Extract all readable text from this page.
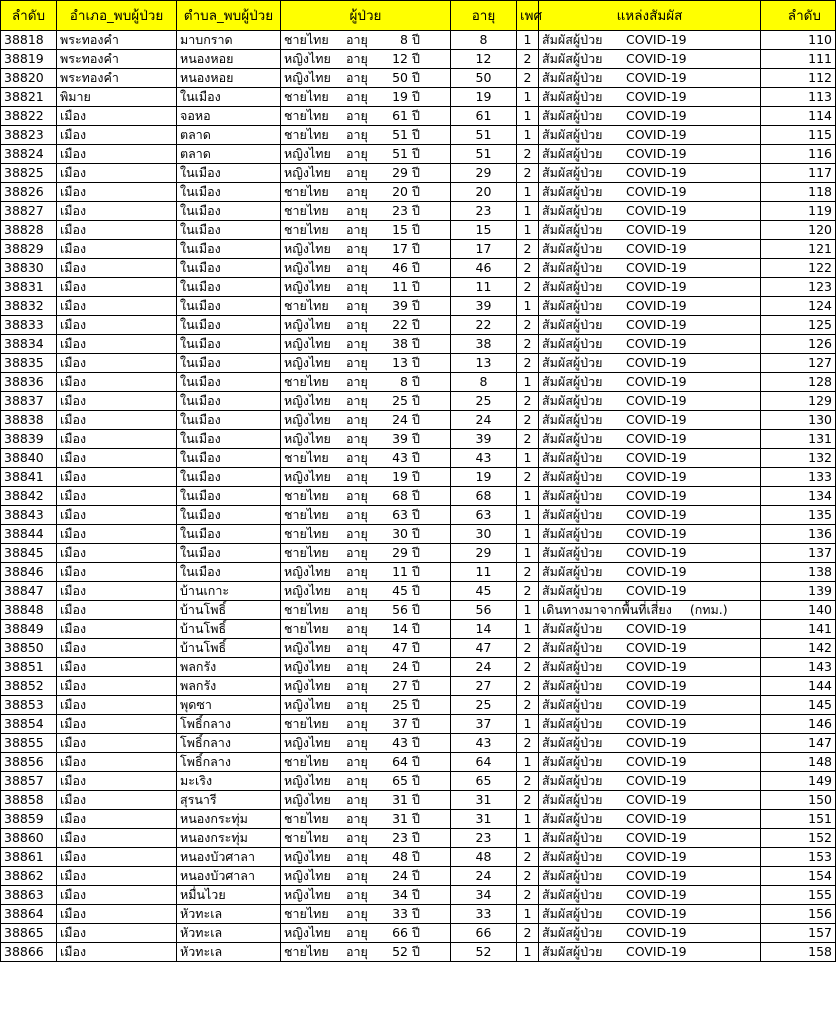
ลำดับ	อำเภอ_พบผู้ป่วย	ตำบล_พบผู้ป่วย	ผู้ป่วย	อายุ	เพศ	แหล่งสัมผัส	ลำดับ
38818	พระทองคำ	มาบกราด	ชายไทย อายุ 8 ปี	8	1	สัมผัสผู้ป่วย COVID-19	110
38819	พระทองคำ	หนองหอย	หญิงไทย อายุ 12 ปี	12	2	สัมผัสผู้ป่วย COVID-19	111
38820	พระทองคำ	หนองหอย	หญิงไทย อายุ 50 ปี	50	2	สัมผัสผู้ป่วย COVID-19	112
38821	พิมาย	ในเมือง	ชายไทย อายุ 19 ปี	19	1	สัมผัสผู้ป่วย COVID-19	113
38822	เมือง	จอหอ	ชายไทย อายุ 61 ปี	61	1	สัมผัสผู้ป่วย COVID-19	114
38823	เมือง	ตลาด	ชายไทย อายุ 51 ปี	51	1	สัมผัสผู้ป่วย COVID-19	115
38824	เมือง	ตลาด	หญิงไทย อายุ 51 ปี	51	2	สัมผัสผู้ป่วย COVID-19	116
38825	เมือง	ในเมือง	หญิงไทย อายุ 29 ปี	29	2	สัมผัสผู้ป่วย COVID-19	117
38826	เมือง	ในเมือง	ชายไทย อายุ 20 ปี	20	1	สัมผัสผู้ป่วย COVID-19	118
38827	เมือง	ในเมือง	ชายไทย อายุ 23 ปี	23	1	สัมผัสผู้ป่วย COVID-19	119
38828	เมือง	ในเมือง	ชายไทย อายุ 15 ปี	15	1	สัมผัสผู้ป่วย COVID-19	120
38829	เมือง	ในเมือง	หญิงไทย อายุ 17 ปี	17	2	สัมผัสผู้ป่วย COVID-19	121
38830	เมือง	ในเมือง	หญิงไทย อายุ 46 ปี	46	2	สัมผัสผู้ป่วย COVID-19	122
38831	เมือง	ในเมือง	หญิงไทย อายุ 11 ปี	11	2	สัมผัสผู้ป่วย COVID-19	123
38832	เมือง	ในเมือง	ชายไทย อายุ 39 ปี	39	1	สัมผัสผู้ป่วย COVID-19	124
38833	เมือง	ในเมือง	หญิงไทย อายุ 22 ปี	22	2	สัมผัสผู้ป่วย COVID-19	125
38834	เมือง	ในเมือง	หญิงไทย อายุ 38 ปี	38	2	สัมผัสผู้ป่วย COVID-19	126
38835	เมือง	ในเมือง	หญิงไทย อายุ 13 ปี	13	2	สัมผัสผู้ป่วย COVID-19	127
38836	เมือง	ในเมือง	ชายไทย อายุ 8 ปี	8	1	สัมผัสผู้ป่วย COVID-19	128
38837	เมือง	ในเมือง	หญิงไทย อายุ 25 ปี	25	2	สัมผัสผู้ป่วย COVID-19	129
38838	เมือง	ในเมือง	หญิงไทย อายุ 24 ปี	24	2	สัมผัสผู้ป่วย COVID-19	130
38839	เมือง	ในเมือง	หญิงไทย อายุ 39 ปี	39	2	สัมผัสผู้ป่วย COVID-19	131
38840	เมือง	ในเมือง	ชายไทย อายุ 43 ปี	43	1	สัมผัสผู้ป่วย COVID-19	132
38841	เมือง	ในเมือง	หญิงไทย อายุ 19 ปี	19	2	สัมผัสผู้ป่วย COVID-19	133
38842	เมือง	ในเมือง	ชายไทย อายุ 68 ปี	68	1	สัมผัสผู้ป่วย COVID-19	134
38843	เมือง	ในเมือง	ชายไทย อายุ 63 ปี	63	1	สัมผัสผู้ป่วย COVID-19	135
38844	เมือง	ในเมือง	ชายไทย อายุ 30 ปี	30	1	สัมผัสผู้ป่วย COVID-19	136
38845	เมือง	ในเมือง	ชายไทย อายุ 29 ปี	29	1	สัมผัสผู้ป่วย COVID-19	137
38846	เมือง	ในเมือง	หญิงไทย อายุ 11 ปี	11	2	สัมผัสผู้ป่วย COVID-19	138
38847	เมือง	บ้านเกาะ	หญิงไทย อายุ 45 ปี	45	2	สัมผัสผู้ป่วย COVID-19	139
38848	เมือง	บ้านโพธิ์	ชายไทย อายุ 56 ปี	56	1	เดินทางมาจากพื้นที่เสี่ยง (กทม.)	140
38849	เมือง	บ้านโพธิ์	ชายไทย อายุ 14 ปี	14	1	สัมผัสผู้ป่วย COVID-19	141
38850	เมือง	บ้านโพธิ์	หญิงไทย อายุ 47 ปี	47	2	สัมผัสผู้ป่วย COVID-19	142
38851	เมือง	พลกรัง	หญิงไทย อายุ 24 ปี	24	2	สัมผัสผู้ป่วย COVID-19	143
38852	เมือง	พลกรัง	หญิงไทย อายุ 27 ปี	27	2	สัมผัสผู้ป่วย COVID-19	144
38853	เมือง	พุดซา	หญิงไทย อายุ 25 ปี	25	2	สัมผัสผู้ป่วย COVID-19	145
38854	เมือง	โพธิ์กลาง	ชายไทย อายุ 37 ปี	37	1	สัมผัสผู้ป่วย COVID-19	146
38855	เมือง	โพธิ์กลาง	หญิงไทย อายุ 43 ปี	43	2	สัมผัสผู้ป่วย COVID-19	147
38856	เมือง	โพธิ์กลาง	ชายไทย อายุ 64 ปี	64	1	สัมผัสผู้ป่วย COVID-19	148
38857	เมือง	มะเริง	หญิงไทย อายุ 65 ปี	65	2	สัมผัสผู้ป่วย COVID-19	149
38858	เมือง	สุรนารี	หญิงไทย อายุ 31 ปี	31	2	สัมผัสผู้ป่วย COVID-19	150
38859	เมือง	หนองกระทุ่ม	ชายไทย อายุ 31 ปี	31	1	สัมผัสผู้ป่วย COVID-19	151
38860	เมือง	หนองกระทุ่ม	ชายไทย อายุ 23 ปี	23	1	สัมผัสผู้ป่วย COVID-19	152
38861	เมือง	หนองบัวศาลา	หญิงไทย อายุ 48 ปี	48	2	สัมผัสผู้ป่วย COVID-19	153
38862	เมือง	หนองบัวศาลา	หญิงไทย อายุ 24 ปี	24	2	สัมผัสผู้ป่วย COVID-19	154
38863	เมือง	หมื่นไวย	หญิงไทย อายุ 34 ปี	34	2	สัมผัสผู้ป่วย COVID-19	155
38864	เมือง	หัวทะเล	ชายไทย อายุ 33 ปี	33	1	สัมผัสผู้ป่วย COVID-19	156
38865	เมือง	หัวทะเล	หญิงไทย อายุ 66 ปี	66	2	สัมผัสผู้ป่วย COVID-19	157
38866	เมือง	หัวทะเล	ชายไทย อายุ 52 ปี	52	1	สัมผัสผู้ป่วย COVID-19	158
